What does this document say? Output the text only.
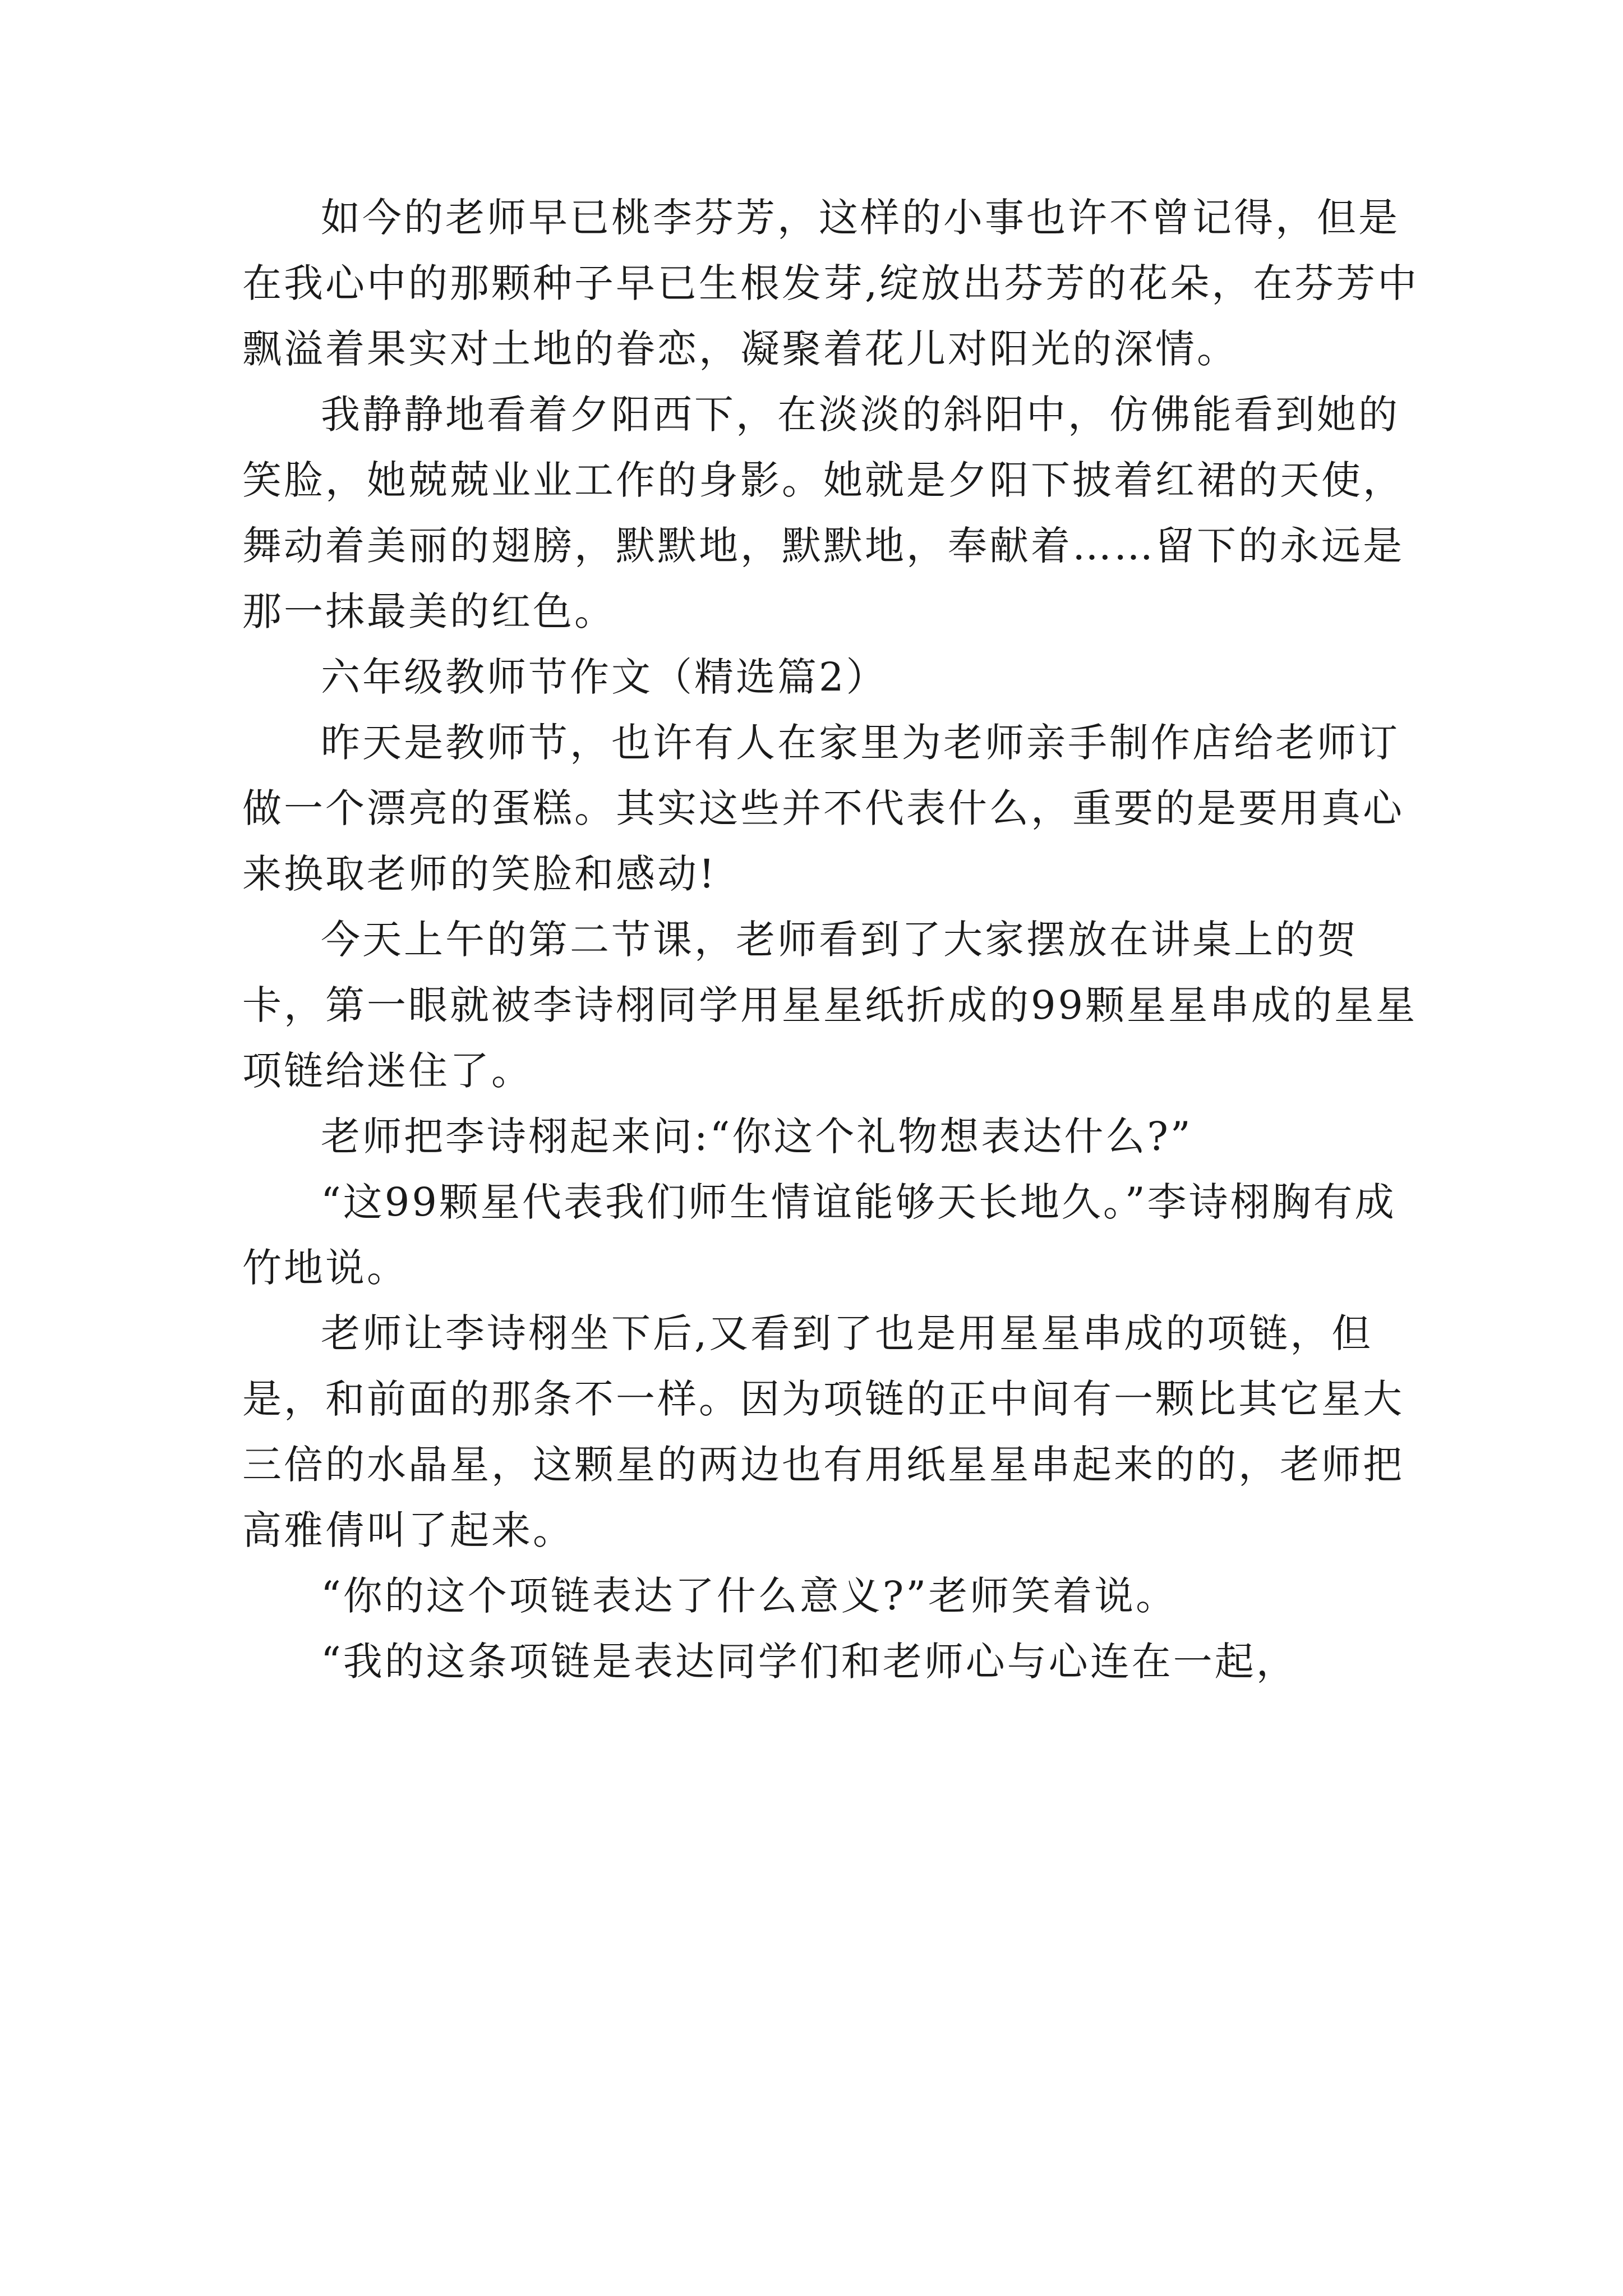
如今的老师早已桃李芬芳，这样的小事也许不曾记得，但是在我心中的那颗种子早已生根发芽,绽放出芬芳的花朵，在芬芳中飘溢着果实对土地的眷恋，凝聚着花儿对阳光的深情。

我静静地看着夕阳西下，在淡淡的斜阳中，仿佛能看到她的笑脸，她兢兢业业工作的身影。她就是夕阳下披着红裙的天使，舞动着美丽的翅膀，默默地，默默地，奉献着……留下的永远是那一抹最美的红色。

六年级教师节作文（精选篇2）

昨天是教师节，也许有人在家里为老师亲手制作店给老师订做一个漂亮的蛋糕。其实这些并不代表什么，重要的是要用真心来换取老师的笑脸和感动!

今天上午的第二节课，老师看到了大家摆放在讲桌上的贺卡，第一眼就被李诗栩同学用星星纸折成的99颗星星串成的星星项链给迷住了。

老师把李诗栩起来问:“你这个礼物想表达什么?”

“这99颗星代表我们师生情谊能够天长地久。”李诗栩胸有成竹地说。

老师让李诗栩坐下后,又看到了也是用星星串成的项链，但是，和前面的那条不一样。因为项链的正中间有一颗比其它星大三倍的水晶星，这颗星的两边也有用纸星星串起来的的，老师把高雅倩叫了起来。

“你的这个项链表达了什么意义?”老师笑着说。

“我的这条项链是表达同学们和老师心与心连在一起，
